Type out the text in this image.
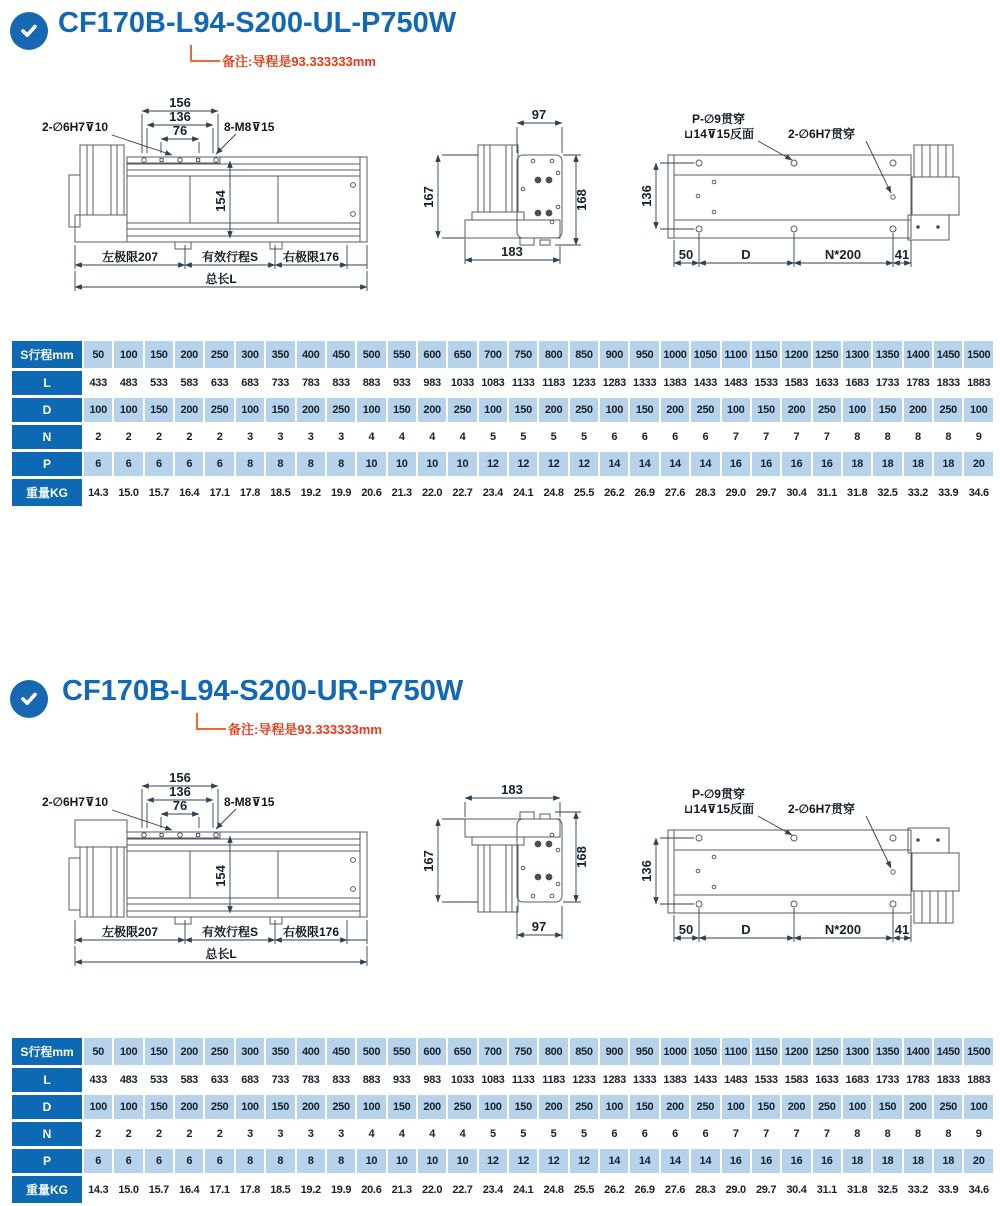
CF170B-L94-S200-UL-P750W
备注:导程是93.333333mm
156
136
76
2-∅6H7⊽10	8-M8⊽15
154
左极限207	有效行程S 右极限176
总长L
97
167	168
183
P-∅9贯穿
⊔14⊽15反面	2-∅6H7贯穿
136
50	D	N*200	41
S行程mm	50	100	150	200	250	300	350	400	450	500	550	600	650	700	750	800	850	900	950	1000	1050	1100	1150	1200	1250	1300	1350	1400	1450	1500
L	433	483	533	583	633	683	733	783	833	883	933	983	1033	1083	1133	1183	1233	1283	1333	1383	1433	1483	1533	1583	1633	1683	1733	1783	1833	1883
D	100	100	150	200	250	100	150	200	250	100	150	200	250	100	150	200	250	100	150	200	250	100	150	200	250	100	150	200	250	100
N	2	2	2	2	2	3	3	3	3	4	4	4	4	5	5	5	5	6	6	6	6	7	7	7	7	8	8	8	8	9
P	6	6	6	6	6	8	8	8	8	10	10	10	10	12	12	12	12	14	14	14	14	16	16	16	16	18	18	18	18	20
重量KG	14.3	15.0	15.7	16.4	17.1	17.8	18.5	19.2	19.9	20.6	21.3	22.0	22.7	23.4	24.1	24.8	25.5	26.2	26.9	27.6	28.3	29.0	29.7	30.4	31.1	31.8	32.5	33.2	33.9	34.6
CF170B-L94-S200-UR-P750W
备注:导程是93.333333mm
156
136
76
2-∅6H7⊽10	8-M8⊽15
154
左极限207	有效行程S 右极限176
总长L
183
167	168
97
P-∅9贯穿
⊔14⊽15反面	2-∅6H7贯穿
136
50	D	N*200	41
S行程mm	50	100	150	200	250	300	350	400	450	500	550	600	650	700	750	800	850	900	950	1000	1050	1100	1150	1200	1250	1300	1350	1400	1450	1500
L	433	483	533	583	633	683	733	783	833	883	933	983	1033	1083	1133	1183	1233	1283	1333	1383	1433	1483	1533	1583	1633	1683	1733	1783	1833	1883
D	100	100	150	200	250	100	150	200	250	100	150	200	250	100	150	200	250	100	150	200	250	100	150	200	250	100	150	200	250	100
N	2	2	2	2	2	3	3	3	3	4	4	4	4	5	5	5	5	6	6	6	6	7	7	7	7	8	8	8	8	9
P	6	6	6	6	6	8	8	8	8	10	10	10	10	12	12	12	12	14	14	14	14	16	16	16	16	18	18	18	18	20
重量KG	14.3	15.0	15.7	16.4	17.1	17.8	18.5	19.2	19.9	20.6	21.3	22.0	22.7	23.4	24.1	24.8	25.5	26.2	26.9	27.6	28.3	29.0	29.7	30.4	31.1	31.8	32.5	33.2	33.9	34.6
